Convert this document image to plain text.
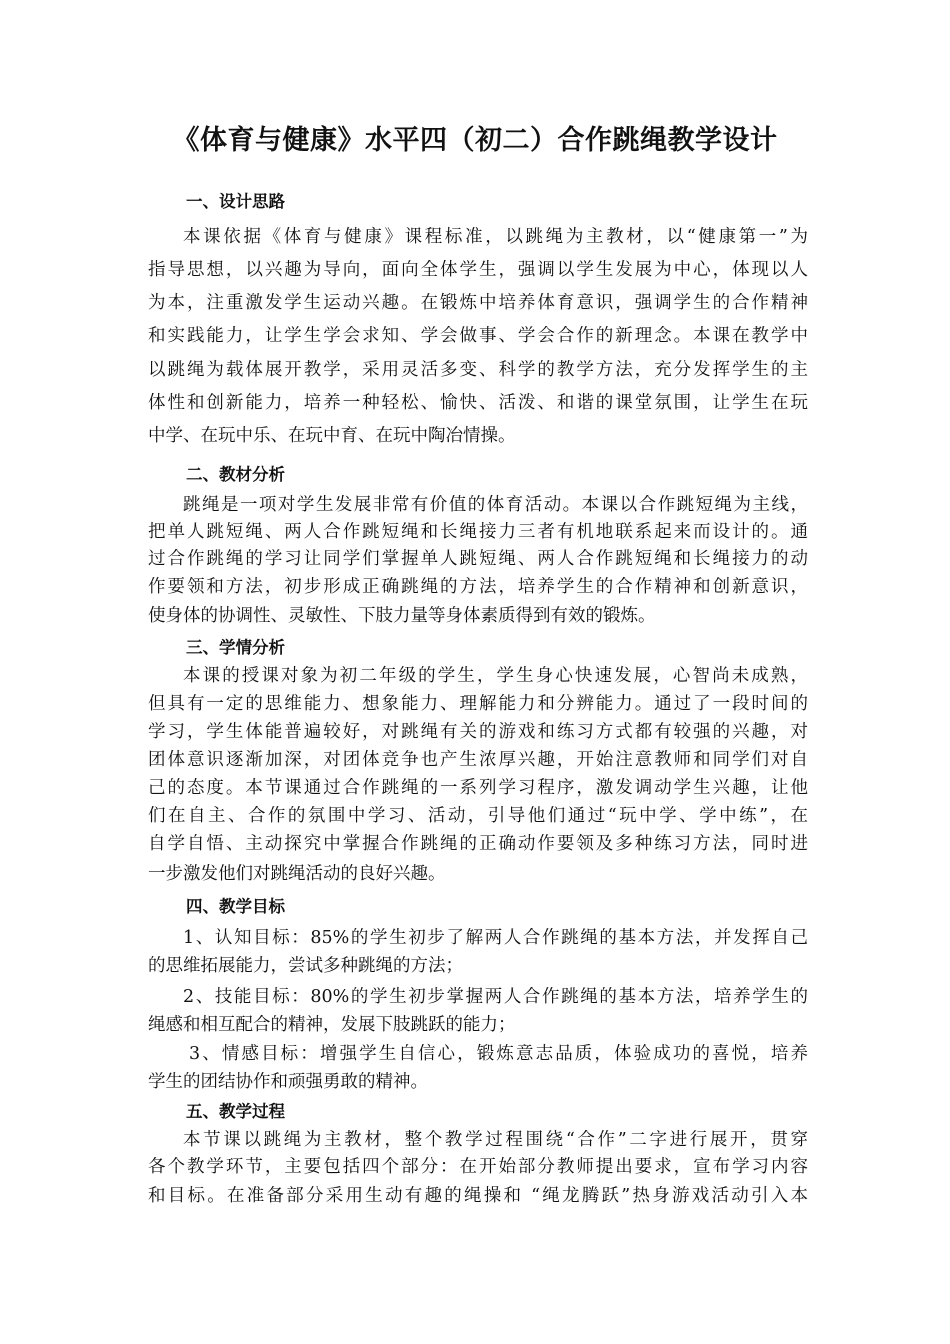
《体育与健康》水平四（初二）合作跳绳教学设计
一、设计思路
本课依据《体育与健康》课程标准，以跳绳为主教材，以“健康第一”为
指导思想，以兴趣为导向，面向全体学生，强调以学生发展为中心，体现以人
为本，注重激发学生运动兴趣。在锻炼中培养体育意识，强调学生的合作精神
和实践能力，让学生学会求知、学会做事、学会合作的新理念。本课在教学中
以跳绳为载体展开教学，采用灵活多变、科学的教学方法，充分发挥学生的主
体性和创新能力，培养一种轻松、愉快、活泼、和谐的课堂氛围，让学生在玩
中学、在玩中乐、在玩中育、在玩中陶冶情操。
二、教材分析
跳绳是一项对学生发展非常有价值的体育活动。本课以合作跳短绳为主线，
把单人跳短绳、两人合作跳短绳和长绳接力三者有机地联系起来而设计的。通
过合作跳绳的学习让同学们掌握单人跳短绳、两人合作跳短绳和长绳接力的动
作要领和方法，初步形成正确跳绳的方法，培养学生的合作精神和创新意识，
使身体的协调性、灵敏性、下肢力量等身体素质得到有效的锻炼。
三、学情分析
本课的授课对象为初二年级的学生，学生身心快速发展，心智尚未成熟，
但具有一定的思维能力、想象能力、理解能力和分辨能力。通过了一段时间的
学习，学生体能普遍较好，对跳绳有关的游戏和练习方式都有较强的兴趣，对
团体意识逐渐加深，对团体竞争也产生浓厚兴趣，开始注意教师和同学们对自
己的态度。本节课通过合作跳绳的一系列学习程序，激发调动学生兴趣，让他
们在自主、合作的氛围中学习、活动，引导他们通过“玩中学、学中练”，在
自学自悟、主动探究中掌握合作跳绳的正确动作要领及多种练习方法，同时进
一步激发他们对跳绳活动的良好兴趣。
四、教学目标
1、认知目标：85%的学生初步了解两人合作跳绳的基本方法，并发挥自己
的思维拓展能力，尝试多种跳绳的方法；
2、技能目标：80%的学生初步掌握两人合作跳绳的基本方法，培养学生的
绳感和相互配合的精神，发展下肢跳跃的能力；
3、情感目标：增强学生自信心，锻炼意志品质，体验成功的喜悦，培养
学生的团结协作和顽强勇敢的精神。
五、教学过程
本节课以跳绳为主教材，整个教学过程围绕“合作”二字进行展开，贯穿
各个教学环节，主要包括四个部分：在开始部分教师提出要求，宣布学习内容
和目标。在准备部分采用生动有趣的绳操和 “绳龙腾跃”热身游戏活动引入本
